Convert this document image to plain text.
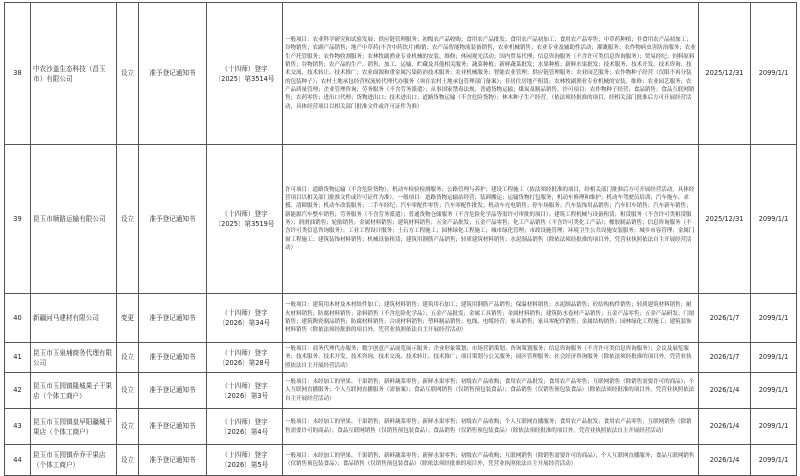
38	中农沙盖生态科技（昌玉市）有限公司	设立	准予登记通知书	（十四师）登字〔2025〕第3514号	一般项目：农业科学研究和试验发展；供应链管理服务；初级农产品收购；食用农产品批发；食用农产品初加工；食用农产品零售；中草药种植；非食用农产品初加工；谷物销售；农副产品销售；地产中草药(不含中药饮片)购销；农产品智能物流装备销售；农业机械销售；农业专业及辅助性活动；灌溉服务；农作物病虫害防治服务；农业生产托管服务；农作物收割服务；农林牧副渔业专业机械的安装、维修；休闲观光活动；国内贸易代理；信息咨询服务（不含许可类信息咨询服务）；贸易经纪；饲料原料销售；谷物销售；农产品的生产、销售、加工、运输、贮藏及其他相关服务；蔬菜种植；新鲜蔬菜批发；水果种植；新鲜水果批发；技术服务、技术开发、技术咨询、技术交流、技术转让、技术推广；农业面源和重金属污染防治技术服务；农业机械服务；智能农业管理；供应链管理服务；农业园艺服务；农作物种子经营（仅限不再分装的包装种子）；农村土地承包经营权流转代理代办服务（须在农村土地承包管理部门备案）；非居住房地产租赁；农林牧副渔业专业机械的安装、维修；农业园艺服务；农产品质量管理；企业管理咨询；劳务服务（不含劳务派遣）；从事国家禁毒法规、普通货物运输；煤炭及制品销售。许可项目：农作物种子经营；食品销售；食品互联网销售；农药零售；进出口代理；货物进出口；技术进出口；道路货物运输（不含危险货物）；林木种子生产经营。（依法须经批准的项目，经相关部门批准后方可开展经营活动，具体经营项目以相关部门批准文件或许可证件为准）	2025/12/31	2099/1/1
39	昆玉市顺路运输有限公司	设立	准予登记通知书	（十四师）登字〔2025〕第3519号	许可项目：道路货物运输（不含危险货物）；机动车检验检测服务；公路管理与养护；建设工程施工（依法须经批准的项目，经相关部门批准后方可开展经营活动，具体经营项目以相关部门批准文件或许可证件为准）。一般项目：道路货物运输站经营；装卸搬运；运输货物打包服务；机动车修理和维护；机动车驾驶员培训；汽车拖车、求援、清障服务；机动车改装服务；二手车经纪；汽车零配件零售；汽车零配件批发；机动车充电销售；停车场服务；汽车装饰用品销售；汽车旧车销售；汽车新车销售；新能源汽车整车销售；劳务服务（不含劳务派遣）；普通货物仓储服务（不含危险化学品等需许可审批的项目）；建筑工程机械与设备租赁；租赁服务（不含许可类租赁服务）；润滑油销售；轮胎销售；金属材料销售；建筑材料销售；五金产品批发；五金产品零售；化工产品销售（不含许可类化工产品）；橡胶制品销售；信息咨询服务（不含许可类信息咨询服务）；工业工程设计服务；土石方工程施工；园林绿化工程施工；城市绿化管理；市政设施管理；环境卫生公共设施安装服务；城乡市容管理；金属门窗工程施工；建筑装饰材料销售；机械设备租赁；建筑用钢筋产品销售；轻质建筑材料销售；水泥制品销售（除依法须经批准的项目外，凭营业执照依法自主开展经营活动）	2025/12/31	2099/1/1
40	新疆河马建材有限公司	变更	准予登记通知书	（十四师）登字〔2026〕第34号	一般项目：建筑用木材及木材组件加工；建筑材料销售；建筑用石加工；建筑用钢筋产品销售；保温材料销售；水泥制品销售；砼结构构件销售；轻质建筑材料销售；耐火材料销售；防腐材料销售；涂料销售（不含危险化学品）；五金产品批发；金属工具销售；金属材料销售；建筑防水卷材产品销售；五金产品零售；五金产品研发；门窗销售；建筑陶瓷制品销售；防腐材料销售；合成材料销售；塑料制品销售；电线、电缆经营；家具销售；家具零配件销售；金属结构销售；园林绿化工程施工；建筑装饰材料销售（除依法须经批准的项目外，凭营业执照依法自主开展经营活动）	2026/1/7	2099/1/1
41	昆玉市玉泉埔商务代理有限公司	设立	准予登记通知书	（十四师）登字〔2026〕第28号	一般项目：商务代理代办服务；数字创意产品展览展示服务；企业形象策划；市场营销策划；咨询策划服务；信息咨询服务（不含许可类信息咨询服务）；会议及展览服务；技术服务、技术开发、技术咨询、技术交流、技术转让、技术推广；项目策划与公关服务；园区管理服务；社会经济咨询服务（除依法须经批准的项目外，凭营业执照依法自主开展经营活动）	2026/1/7	2099/1/1
42	昆玉市玉园镇隆城果子干果店（个体工商户）	设立	准予登记通知书	（十四师）登字〔2026〕第3号	一般项目：未经加工的坚果、干果销售；新鲜蔬菜零售；新鲜水果零售；初级农产品收购；食用农产品批发；食用农产品零售；互联网销售（除销售需要许可的商品）；个人互联网直播服务；个人互联网直播服务（需备案）；食品互联网销售（仅销售预包装食品）；食品销售（仅销售预包装食品）（除依法须经批准的项目外，凭营业执照依法自主开展经营活动）	2026/1/4	2099/1/1
43	昆玉市玉园镇皇早阳疆城干果店（个体工商户）	设立	准予登记通知书	（十四师）登字〔2026〕第4号	一般项目：未经加工的坚果、干果销售；新鲜蔬菜零售；新鲜水果零售；初级农产品收购；个人互联网直播服务；食用农产品批发；食用农产品零售；互联网销售（除销售需要许可的商品）；食品互联网销售（仅销售预包装食品）；食品销售（仅销售预包装食品）（除依法须经批准的项目外，凭营业执照依法自主开展经营活动）	2026/1/4	2099/1/1
44	昆玉市玉园镇乔乔干果店（个体工商户）	设立	准予登记通知书	（十四师）登字〔2026〕第5号	一般项目：未经加工的坚果、干果销售；新鲜蔬菜零售；新鲜水果零售；初级农产品收购；互联网销售（除销售需要许可的商品）；个人互联网直播服务；食品互联网销售（仅销售预包装食品）；食品销售（仅销售预包装食品）（除依法须经批准的项目外，凭营业执照依法自主开展经营活动）	2026/1/4	2099/1/1
